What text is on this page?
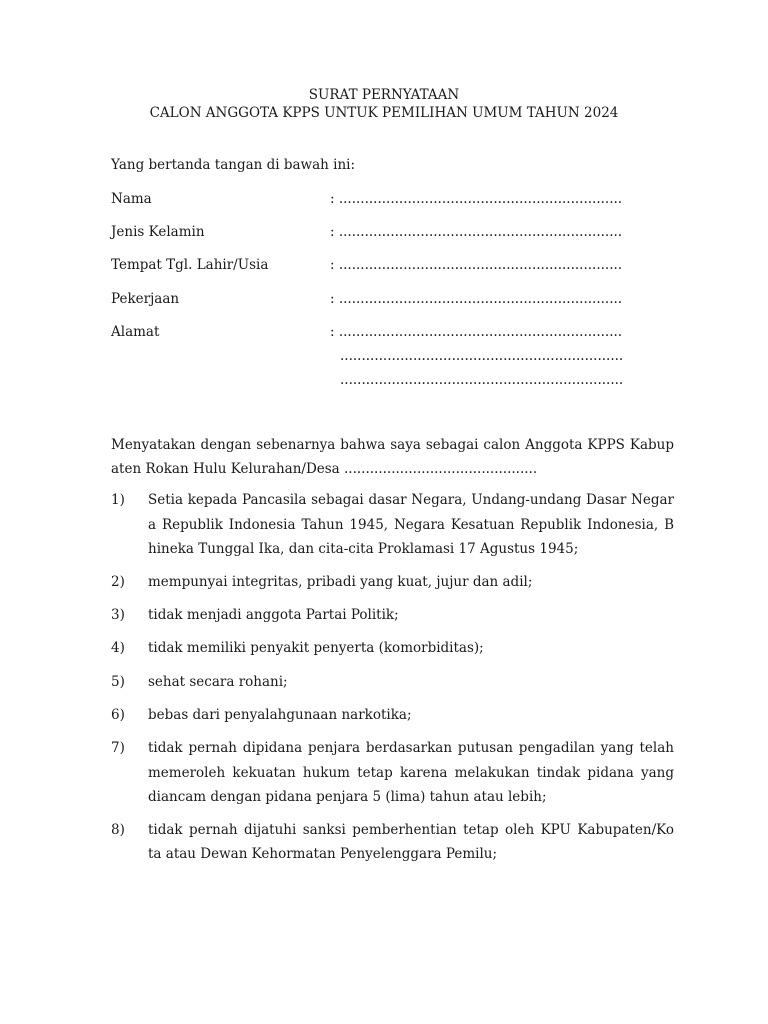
SURAT PERNYATAAN
CALON ANGGOTA KPPS UNTUK PEMILIHAN UMUM TAHUN 2024
Yang bertanda tangan di bawah ini:
Nama	: ..................................................................
Jenis Kelamin	: ..................................................................
Tempat Tgl. Lahir/Usia	: ..................................................................
Pekerjaan	: ..................................................................
Alamat	: ..................................................................
..................................................................
..................................................................
Menyatakan dengan sebenarnya bahwa saya sebagai calon Anggota KPPS Kabup
aten Rokan Hulu Kelurahan/Desa .............................................
1) Setia kepada Pancasila sebagai dasar Negara, Undang-undang Dasar Negar
a Republik Indonesia Tahun 1945, Negara Kesatuan Republik Indonesia, B
hineka Tunggal Ika, dan cita-cita Proklamasi 17 Agustus 1945;
2) mempunyai integritas, pribadi yang kuat, jujur dan adil;
3) tidak menjadi anggota Partai Politik;
4) tidak memiliki penyakit penyerta (komorbiditas);
5) sehat secara rohani;
6) bebas dari penyalahgunaan narkotika;
7) tidak pernah dipidana penjara berdasarkan putusan pengadilan yang telah
memeroleh kekuatan hukum tetap karena melakukan tindak pidana yang
diancam dengan pidana penjara 5 (lima) tahun atau lebih;
8) tidak pernah dijatuhi sanksi pemberhentian tetap oleh KPU Kabupaten/Ko
ta atau Dewan Kehormatan Penyelenggara Pemilu;
